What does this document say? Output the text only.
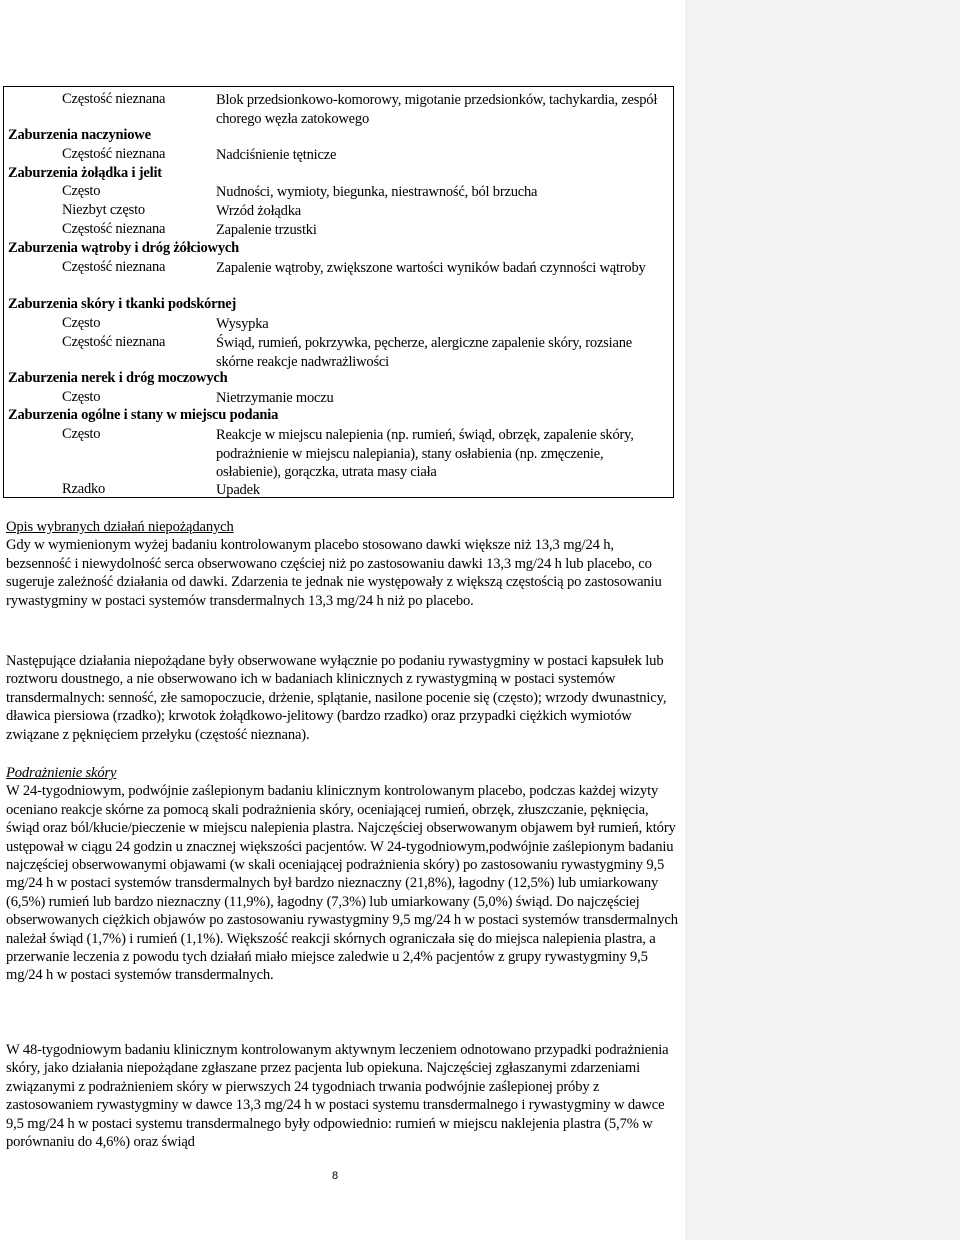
Częstość nieznana	Blok przedsionkowo-komorowy, migotanie przedsionków, tachykardia, zespół chorego węzła zatokowego
Zaburzenia naczyniowe
Częstość nieznana	Nadciśnienie tętnicze
Zaburzenia żołądka i jelit
Często	Nudności, wymioty, biegunka, niestrawność, ból brzucha
Niezbyt często	Wrzód żołądka
Częstość nieznana	Zapalenie trzustki
Zaburzenia wątroby i dróg żółciowych
Częstość nieznana	Zapalenie wątroby, zwiększone wartości wyników badań czynności wątroby
Zaburzenia skóry i tkanki podskórnej
Często	Wysypka
Częstość nieznana	Świąd, rumień, pokrzywka, pęcherze, alergiczne zapalenie skóry, rozsiane skórne reakcje nadwrażliwości
Zaburzenia nerek i dróg moczowych
Często	Nietrzymanie moczu
Zaburzenia ogólne i stany w miejscu podania
Często	Reakcje w miejscu nalepienia (np. rumień, świąd, obrzęk, zapalenie skóry, podrażnienie w miejscu nalepiania), stany osłabienia (np. zmęczenie, osłabienie), gorączka, utrata masy ciała
Rzadko	Upadek

Opis wybranych działań niepożądanych

Gdy w wymienionym wyżej badaniu kontrolowanym placebo stosowano dawki większe niż 13,3 mg/24 h, bezsenność i niewydolność serca obserwowano częściej niż po zastosowaniu dawki 13,3 mg/24 h lub placebo, co sugeruje zależność działania od dawki. Zdarzenia te jednak nie występowały z większą częstością po zastosowaniu rywastygminy w postaci systemów transdermalnych 13,3 mg/24 h niż po placebo.

Następujące działania niepożądane były obserwowane wyłącznie po podaniu rywastygminy w postaci kapsułek lub roztworu doustnego, a nie obserwowano ich w badaniach klinicznych z rywastygminą w postaci systemów transdermalnych: senność, złe samopoczucie, drżenie, splątanie, nasilone pocenie się (często); wrzody dwunastnicy, dławica piersiowa (rzadko); krwotok żołądkowo-jelitowy (bardzo rzadko) oraz przypadki ciężkich wymiotów związane z pęknięciem przełyku (częstość nieznana).

Podrażnienie skóry

W 24-tygodniowym, podwójnie zaślepionym badaniu klinicznym kontrolowanym placebo, podczas każdej wizyty oceniano reakcje skórne za pomocą skali podrażnienia skóry, oceniającej rumień, obrzęk, złuszczanie, pęknięcia, świąd oraz ból/kłucie/pieczenie w miejscu nalepienia plastra. Najczęściej obserwowanym objawem był rumień, który ustępował w ciągu 24 godzin u znacznej większości pacjentów. W 24-tygodniowym,podwójnie zaślepionym badaniu najczęściej obserwowanymi objawami (w skali oceniającej podrażnienia skóry) po zastosowaniu rywastygminy 9,5 mg/24 h w postaci systemów transdermalnych był bardzo nieznaczny (21,8%), łagodny (12,5%) lub umiarkowany (6,5%) rumień lub bardzo nieznaczny (11,9%), łagodny (7,3%) lub umiarkowany (5,0%) świąd. Do najczęściej obserwowanych ciężkich objawów po zastosowaniu rywastygminy 9,5 mg/24 h w postaci systemów transdermalnych należał świąd (1,7%) i rumień (1,1%). Większość reakcji skórnych ograniczała się do miejsca nalepienia plastra, a przerwanie leczenia z powodu tych działań miało miejsce zaledwie u 2,4% pacjentów z grupy rywastygminy 9,5 mg/24 h w postaci systemów transdermalnych.

W 48-tygodniowym badaniu klinicznym kontrolowanym aktywnym leczeniem odnotowano przypadki podrażnienia skóry, jako działania niepożądane zgłaszane przez pacjenta lub opiekuna. Najczęściej zgłaszanymi zdarzeniami związanymi z podrażnieniem skóry w pierwszych 24 tygodniach trwania podwójnie zaślepionej próby z zastosowaniem rywastygminy w dawce 13,3 mg/24 h w postaci systemu transdermalnego i rywastygminy w dawce 9,5 mg/24 h w postaci systemu transdermalnego były odpowiednio: rumień w miejscu naklejenia plastra (5,7% w porównaniu do 4,6%) oraz świąd

8
